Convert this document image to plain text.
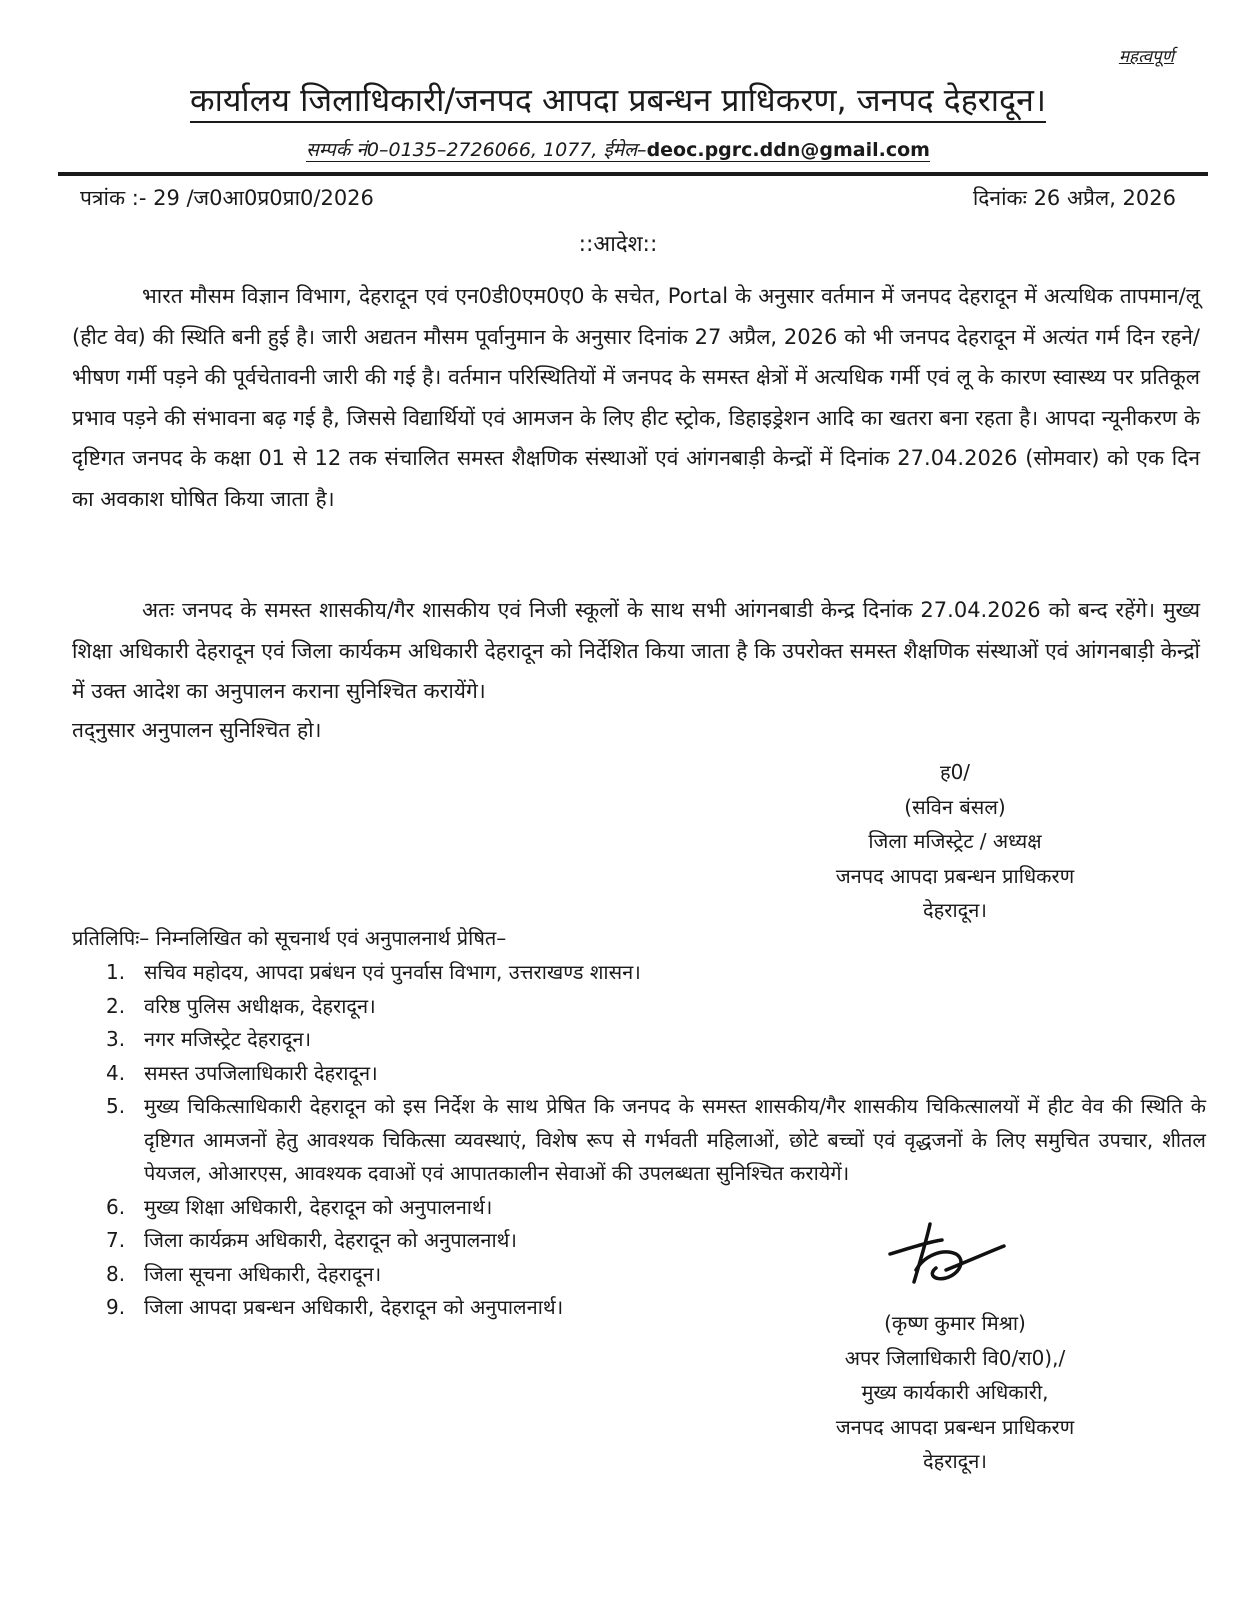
महत्वपूर्ण
कार्यालय जिलाधिकारी/जनपद आपदा प्रबन्धन प्राधिकरण, जनपद देहरादून।
सम्पर्क नं0–0135–2726066, 1077, ईमेल–deoc.pgrc.ddn@gmail.com
पत्रांक :- 29 /ज0आ0प्र0प्रा0/2026	दिनांकः 26 अप्रैल, 2026
::आदेश::

भारत मौसम विज्ञान विभाग, देहरादून एवं एन0डी0एम0ए0 के सचेत, Portal के अनुसार वर्तमान में जनपद देहरादून में अत्यधिक तापमान/लू (हीट वेव) की स्थिति बनी हुई है। जारी अद्यतन मौसम पूर्वानुमान के अनुसार दिनांक 27 अप्रैल, 2026 को भी जनपद देहरादून में अत्यंत गर्म दिन रहने/भीषण गर्मी पड़ने की पूर्वचेतावनी जारी की गई है। वर्तमान परिस्थितियों में जनपद के समस्त क्षेत्रों में अत्यधिक गर्मी एवं लू के कारण स्वास्थ्य पर प्रतिकूल प्रभाव पड़ने की संभावना बढ़ गई है, जिससे विद्यार्थियों एवं आमजन के लिए हीट स्ट्रोक, डिहाइड्रेशन आदि का खतरा बना रहता है। आपदा न्यूनीकरण के दृष्टिगत जनपद के कक्षा 01 से 12 तक संचालित समस्त शैक्षणिक संस्थाओं एवं आंगनबाड़ी केन्द्रों में दिनांक 27.04.2026 (सोमवार) को एक दिन का अवकाश घोषित किया जाता है।

अतः जनपद के समस्त शासकीय/गैर शासकीय एवं निजी स्कूलों के साथ सभी आंगनबाडी केन्द्र दिनांक 27.04.2026 को बन्द रहेंगे। मुख्य शिक्षा अधिकारी देहरादून एवं जिला कार्यकम अधिकारी देहरादून को निर्देशित किया जाता है कि उपरोक्त समस्त शैक्षणिक संस्थाओं एवं आंगनबाड़ी केन्द्रों में उक्त आदेश का अनुपालन कराना सुनिश्चित करायेंगे।

तद्नुसार अनुपालन सुनिश्चित हो।
ह0/
(सविन बंसल)
जिला मजिस्ट्रेट / अध्यक्ष
जनपद आपदा प्रबन्धन प्राधिकरण
देहरादून।
प्रतिलिपिः– निम्नलिखित को सूचनार्थ एवं अनुपालनार्थ प्रेषित–
1. सचिव महोदय, आपदा प्रबंधन एवं पुनर्वास विभाग, उत्तराखण्ड शासन।
2. वरिष्ठ पुलिस अधीक्षक, देहरादून।
3. नगर मजिस्ट्रेट देहरादून।
4. समस्त उपजिलाधिकारी देहरादून।
5. मुख्य चिकित्साधिकारी देहरादून को इस निर्देश के साथ प्रेषित कि जनपद के समस्त शासकीय/गैर शासकीय चिकित्सालयों में हीट वेव की स्थिति के दृष्टिगत आमजनों हेतु आवश्यक चिकित्सा व्यवस्थाएं, विशेष रूप से गर्भवती महिलाओं, छोटे बच्चों एवं वृद्धजनों के लिए समुचित उपचार, शीतल पेयजल, ओआरएस, आवश्यक दवाओं एवं आपातकालीन सेवाओं की उपलब्धता सुनिश्चित करायेगें।
6. मुख्य शिक्षा अधिकारी, देहरादून को अनुपालनार्थ।
7. जिला कार्यक्रम अधिकारी, देहरादून को अनुपालनार्थ।
8. जिला सूचना अधिकारी, देहरादून।
9. जिला आपदा प्रबन्धन अधिकारी, देहरादून को अनुपालनार्थ।
(कृष्ण कुमार मिश्रा)
अपर जिलाधिकारी वि0/रा0),/
मुख्य कार्यकारी अधिकारी,
जनपद आपदा प्रबन्धन प्राधिकरण
देहरादून।
